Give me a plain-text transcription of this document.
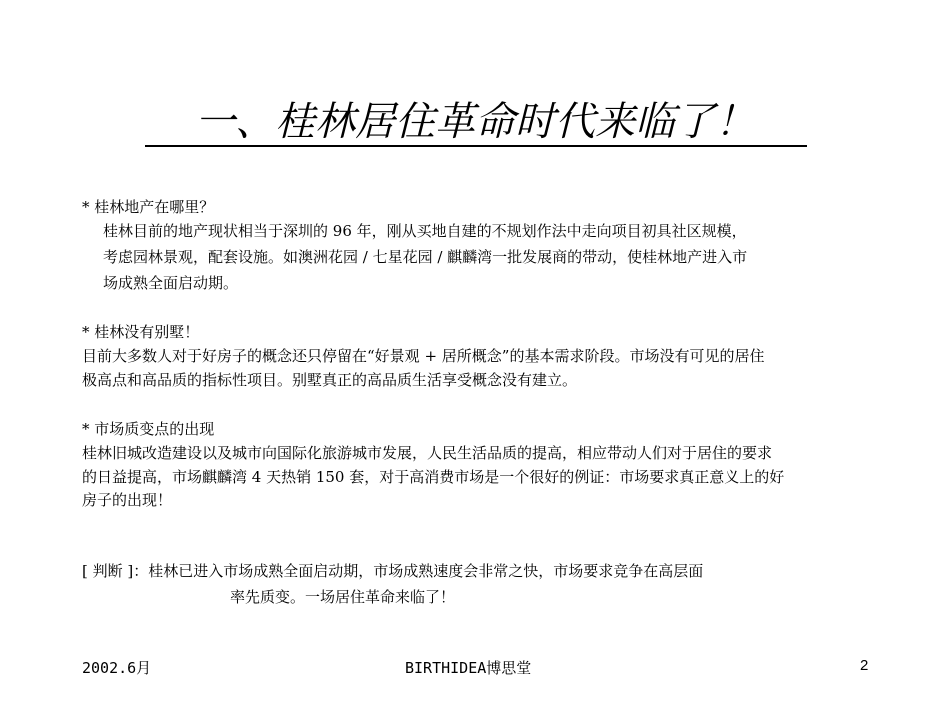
一、桂林居住革命时代来临了！
* 桂林地产在哪里？
桂林目前的地产现状相当于深圳的 96 年，刚从买地自建的不规划作法中走向项目初具社区规模，
考虑园林景观，配套设施。如澳洲花园 / 七星花园 / 麒麟湾一批发展商的带动，使桂林地产进入市
场成熟全面启动期。
* 桂林没有别墅！
目前大多数人对于好房子的概念还只停留在“好景观 + 居所概念”的基本需求阶段。市场没有可见的居住
极高点和高品质的指标性项目。别墅真正的高品质生活享受概念没有建立。
* 市场质变点的出现
桂林旧城改造建设以及城市向国际化旅游城市发展，人民生活品质的提高，相应带动人们对于居住的要求
的日益提高，市场麒麟湾 4 天热销 150 套，对于高消费市场是一个很好的例证：市场要求真正意义上的好
房子的出现！
[ 判断 ]：桂林已进入市场成熟全面启动期，市场成熟速度会非常之快，市场要求竞争在高层面
率先质变。一场居住革命来临了！
2002.6月	BIRTHIDEA博思堂	2
